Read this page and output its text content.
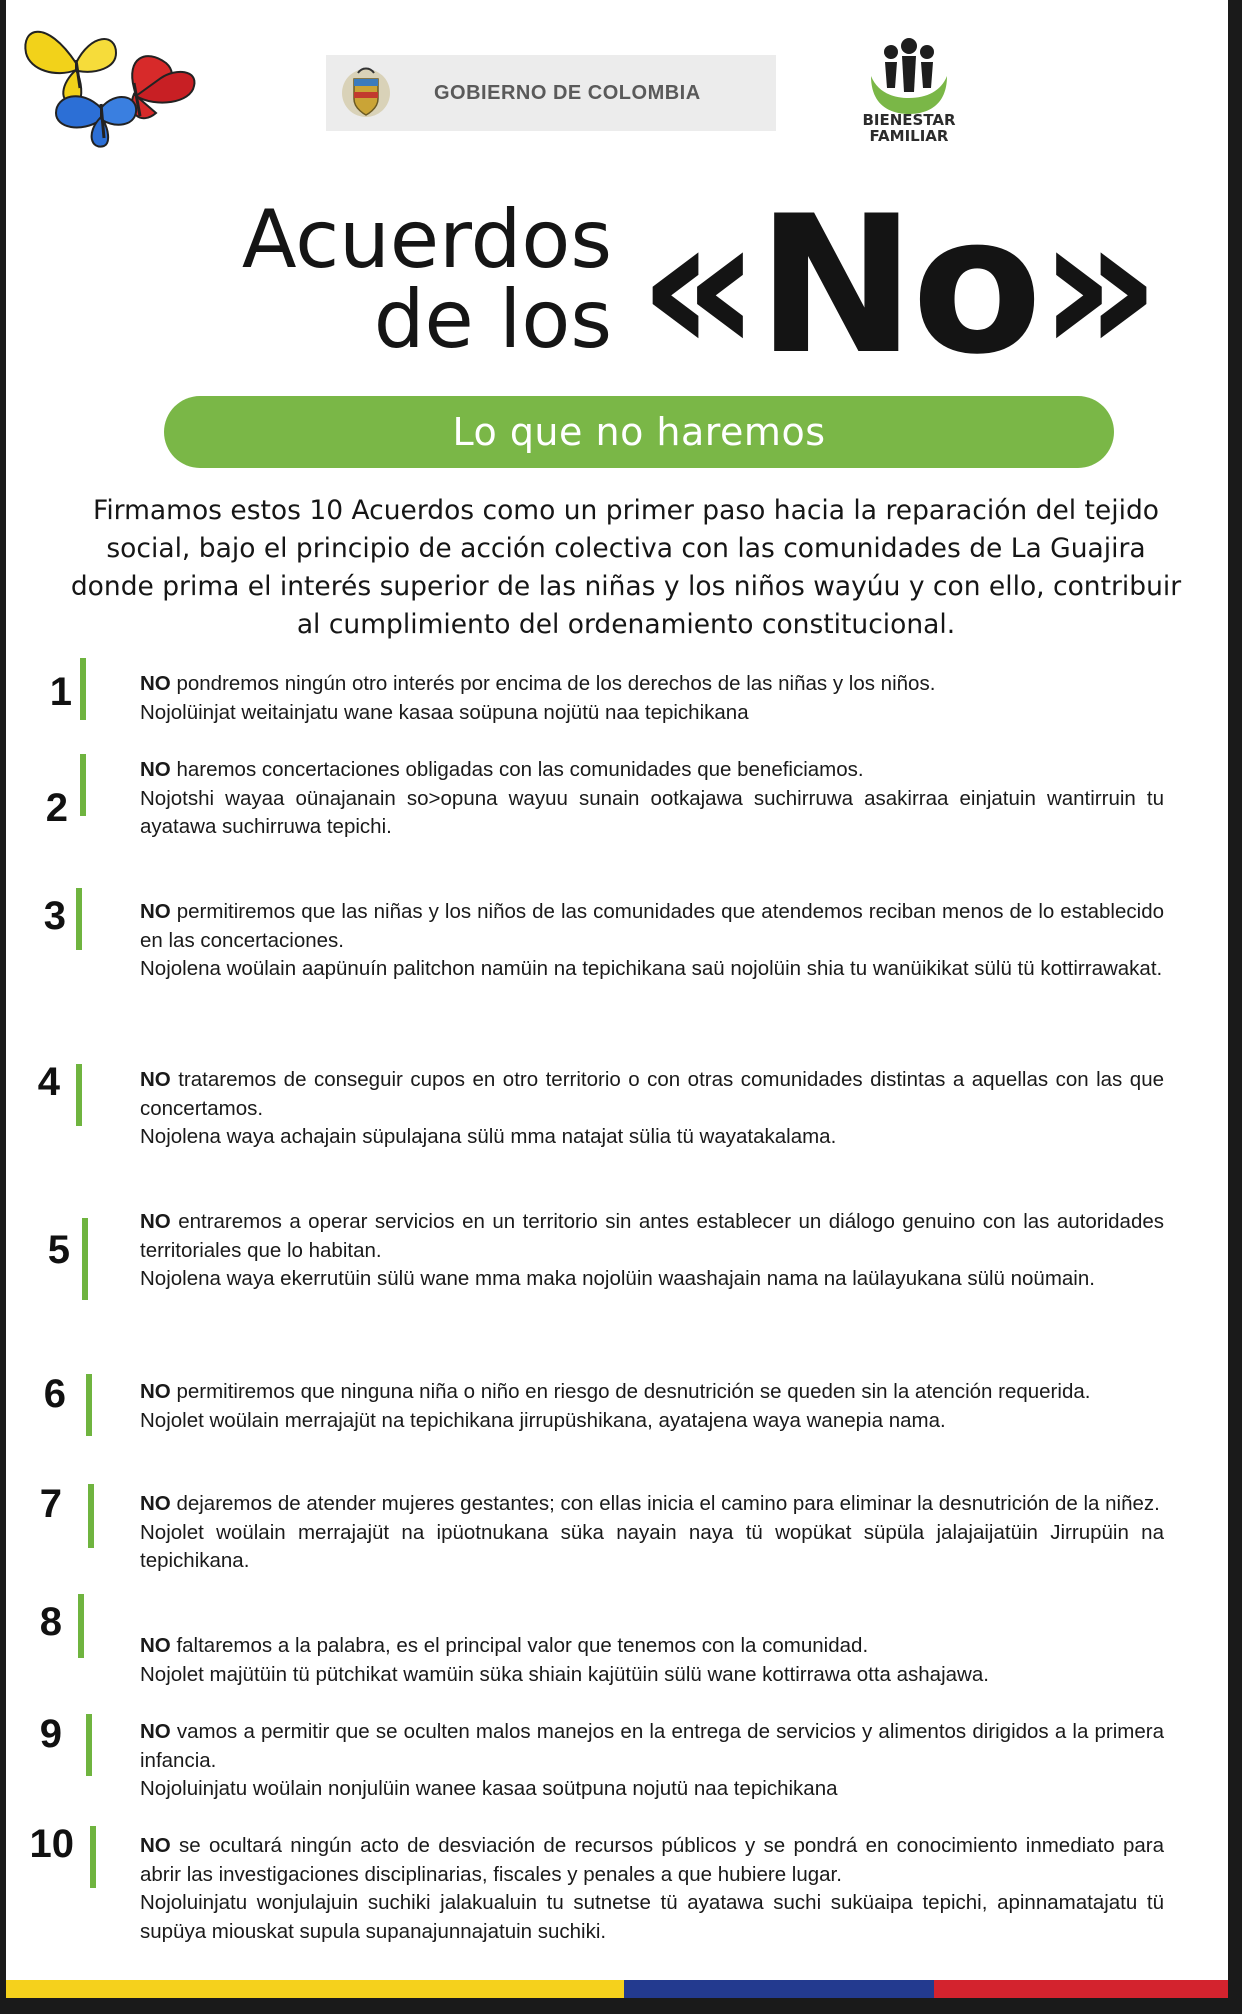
GOBIERNO DE COLOMBIA
BIENESTAR
FAMILIAR
Acuerdos
de los «No»
Lo que no haremos
Firmamos estos 10 Acuerdos como un primer paso hacia la reparación del tejido social, bajo el principio de acción colectiva con las comunidades de La Guajira donde prima el interés superior de las niñas y los niños wayúu y con ello, contribuir al cumplimiento del ordenamiento constitucional.
1	NO pondremos ningún otro interés por encima de los derechos de las niñas y los niños.

Nojolüinjat weitainjatu wane kasaa soüpuna nojütü naa tepichikana

2

NO haremos concertaciones obligadas con las comunidades que beneficiamos.

Nojotshi wayaa oünajanain so>opuna wayuu sunain ootkajawa suchirruwa asakirraa einjatuin wantirruin tu ayatawa suchirruwa tepichi.

3	NO permitiremos que las niñas y los niños de las comunidades que atendemos reciban menos de lo establecido en las concertaciones.

Nojolena woülain aapünuín palitchon namüin na tepichikana saü nojolüin shia tu wanüikikat sülü tü kottirrawakat.

4	NO trataremos de conseguir cupos en otro territorio o con otras comunidades distintas a aquellas con las que concertamos.

Nojolena waya achajain süpulajana sülü mma natajat sülia tü wayatakalama.

5

NO entraremos a operar servicios en un territorio sin antes establecer un diálogo genuino con las autoridades territoriales que lo habitan.

Nojolena waya ekerrutüin sülü wane mma maka nojolüin waashajain nama na laülayukana sülü noümain.

6	NO permitiremos que ninguna niña o niño en riesgo de desnutrición se queden sin la atención requerida.

Nojolet woülain merrajajüt na tepichikana jirrupüshikana, ayatajena waya wanepia nama.

7	NO dejaremos de atender mujeres gestantes; con ellas inicia el camino para eliminar la desnutrición de la niñez.

Nojolet woülain merrajajüt na ipüotnukana süka nayain naya tü wopükat süpüla jalajaijatüin Jirrupüin na tepichikana.

8

NO faltaremos a la palabra, es el principal valor que tenemos con la comunidad.

Nojolet majütüin tü pütchikat wamüin süka shiain kajütüin sülü wane kottirrawa otta ashajawa.

9	NO vamos a permitir que se oculten malos manejos en la entrega de servicios y alimentos dirigidos a la primera infancia.

Nojoluinjatu woülain nonjulüin wanee kasaa soütpuna nojutü naa tepichikana

10	NO se ocultará ningún acto de desviación de recursos públicos y se pondrá en conocimiento inmediato para abrir las investigaciones disciplinarias, fiscales y penales a que hubiere lugar.

Nojoluinjatu wonjulajuin suchiki jalakualuin tu sutnetse tü ayatawa suchi suküaipa tepichi, apinnamatajatu tü supüya miouskat supula supanajunnajatuin suchiki.
